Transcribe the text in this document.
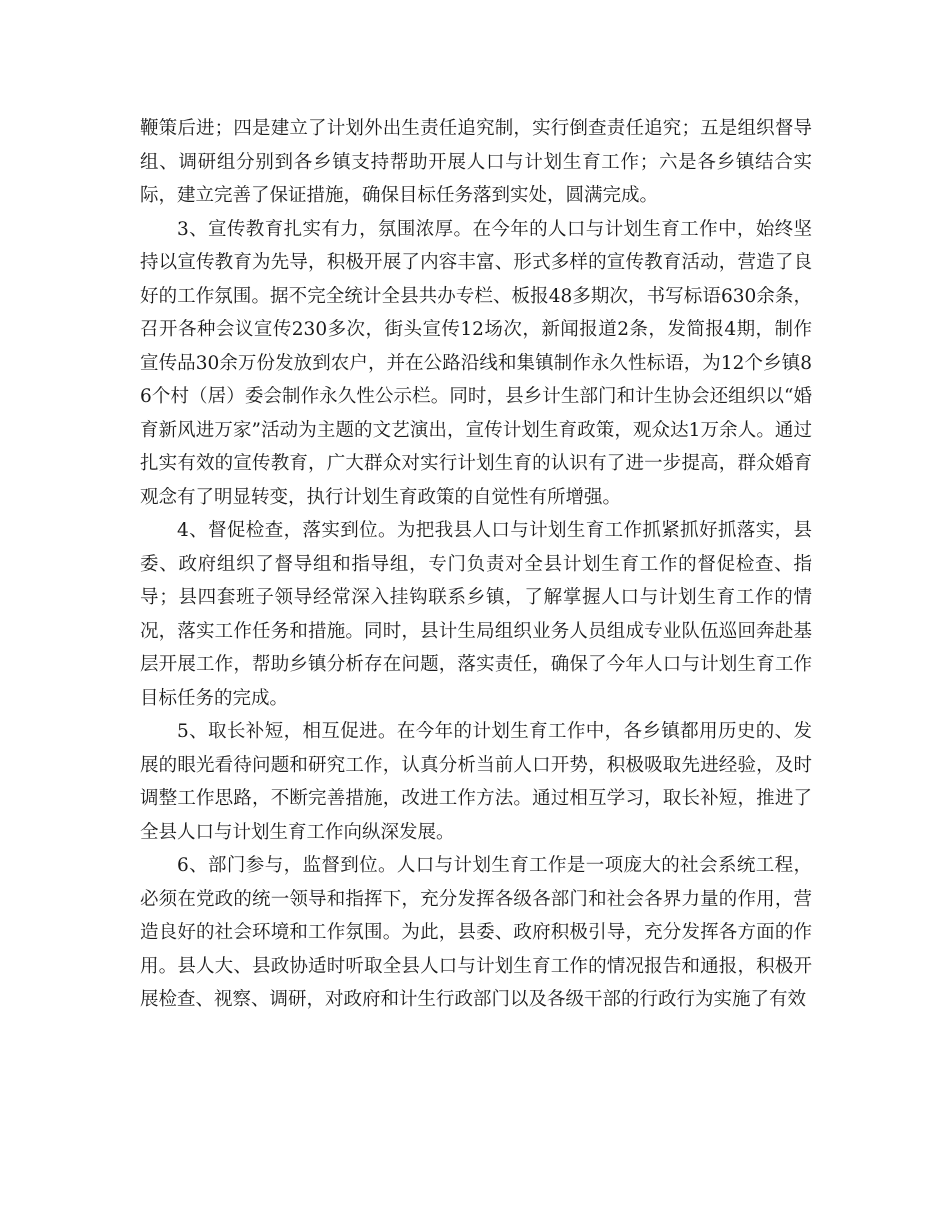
鞭策后进；四是建立了计划外出生责任追究制，实行倒查责任追究；五是组织督导组、调研组分别到各乡镇支持帮助开展人口与计划生育工作；六是各乡镇结合实际，建立完善了保证措施，确保目标任务落到实处，圆满完成。

3、宣传教育扎实有力，氛围浓厚。在今年的人口与计划生育工作中，始终坚持以宣传教育为先导，积极开展了内容丰富、形式多样的宣传教育活动，营造了良好的工作氛围。据不完全统计全县共办专栏、板报48多期次，书写标语630余条，召开各种会议宣传230多次，街头宣传12场次，新闻报道2条，发简报4期，制作宣传品30余万份发放到农户，并在公路沿线和集镇制作永久性标语，为12个乡镇86个村（居）委会制作永久性公示栏。同时，县乡计生部门和计生协会还组织以“婚育新风进万家”活动为主题的文艺演出，宣传计划生育政策，观众达1万余人。通过扎实有效的宣传教育，广大群众对实行计划生育的认识有了进一步提高，群众婚育观念有了明显转变，执行计划生育政策的自觉性有所增强。

4、督促检查，落实到位。为把我县人口与计划生育工作抓紧抓好抓落实，县委、政府组织了督导组和指导组，专门负责对全县计划生育工作的督促检查、指导；县四套班子领导经常深入挂钩联系乡镇，了解掌握人口与计划生育工作的情况，落实工作任务和措施。同时，县计生局组织业务人员组成专业队伍巡回奔赴基层开展工作，帮助乡镇分析存在问题，落实责任，确保了今年人口与计划生育工作目标任务的完成。

5、取长补短，相互促进。在今年的计划生育工作中，各乡镇都用历史的、发展的眼光看待问题和研究工作，认真分析当前人口开势，积极吸取先进经验，及时调整工作思路，不断完善措施，改进工作方法。通过相互学习，取长补短，推进了全县人口与计划生育工作向纵深发展。

6、部门参与，监督到位。人口与计划生育工作是一项庞大的社会系统工程，必须在党政的统一领导和指挥下，充分发挥各级各部门和社会各界力量的作用，营造良好的社会环境和工作氛围。为此，县委、政府积极引导，充分发挥各方面的作用。县人大、县政协适时听取全县人口与计划生育工作的情况报告和通报，积极开展检查、视察、调研，对政府和计生行政部门以及各级干部的行政行为实施了有效
